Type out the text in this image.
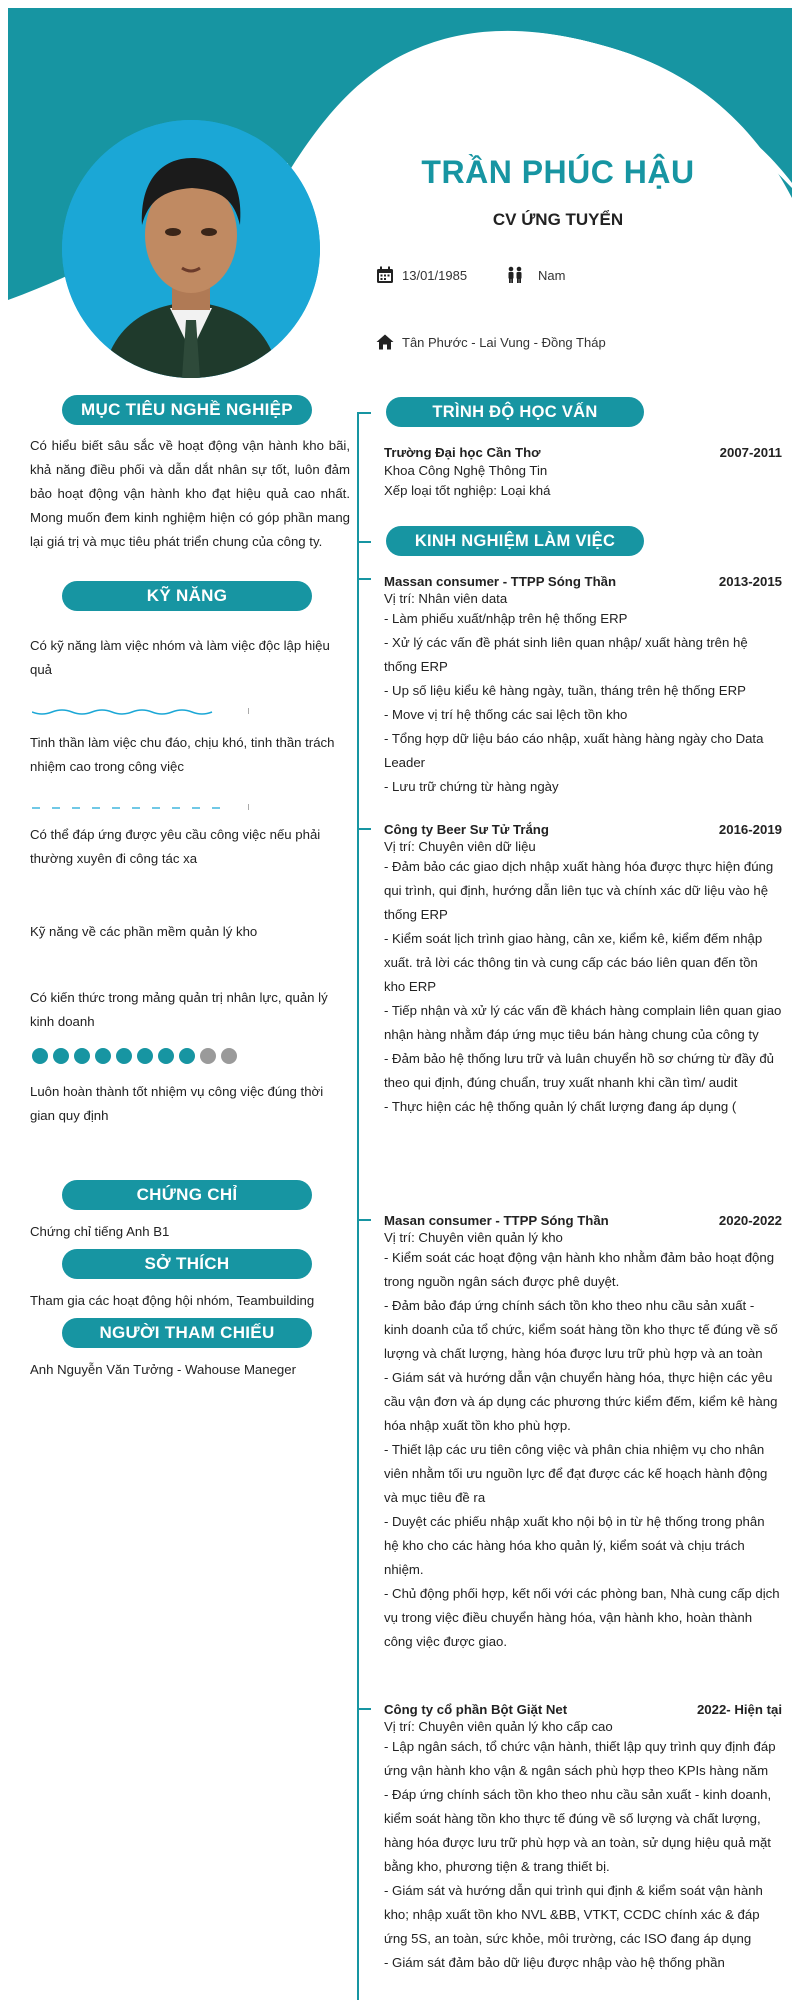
TRẦN PHÚC HẬU
CV ỨNG TUYỂN
13/01/1985	Nam
Tân Phước - Lai Vung - Đồng Tháp
MỤC TIÊU NGHỀ NGHIỆP
Có hiểu biết sâu sắc về hoạt động vận hành kho bãi, khả năng điều phối và dẫn dắt nhân sự tốt, luôn đảm bảo hoạt động vận hành kho đạt hiệu quả cao nhất. Mong muốn đem kinh nghiệm hiện có góp phần mang lại giá trị và mục tiêu phát triển chung của công ty.
KỸ NĂNG
Có kỹ năng làm việc nhóm và làm việc độc lập hiệu quả
Tinh thần làm việc chu đáo, chịu khó, tinh thần trách nhiệm cao trong công việc
Có thể đáp ứng được yêu cầu công việc nếu phải thường xuyên đi công tác xa
Kỹ năng về các phần mềm quản lý kho
Có kiến thức trong mảng quản trị nhân lực, quản lý kinh doanh
Luôn hoàn thành tốt nhiệm vụ công việc đúng thời gian quy định
CHỨNG CHỈ
Chứng chỉ tiếng Anh B1
SỞ THÍCH
Tham gia các hoạt động hội nhóm, Teambuilding
NGƯỜI THAM CHIẾU
Anh Nguyễn Văn Tưởng - Wahouse Maneger
TRÌNH ĐỘ HỌC VẤN
Trường Đại học Cần Thơ	2007-2011
Khoa Công Nghệ Thông Tin
Xếp loại tốt nghiệp: Loại khá
KINH NGHIỆM LÀM VIỆC
Massan consumer - TTPP Sóng Thần	2013-2015
Vị trí: Nhân viên data
- Làm phiếu xuất/nhập trên hệ thống ERP
- Xử lý các vấn đề phát sinh liên quan nhập/ xuất hàng trên hệ thống ERP
- Up số liệu kiểu kê hàng ngày, tuần, tháng trên hệ thống ERP
- Move vị trí hệ thống các sai lệch tồn kho
- Tổng hợp dữ liệu báo cáo nhập, xuất hàng hàng ngày cho Data Leader
- Lưu trữ chứng từ hàng ngày
Công ty Beer Sư Tử Trắng	2016-2019
Vị trí: Chuyên viên dữ liệu
- Đảm bảo các giao dịch nhập xuất hàng hóa được thực hiện đúng qui trình, qui định, hướng dẫn liên tục và chính xác dữ liệu vào hệ thống ERP
- Kiểm soát lịch trình giao hàng, cân xe, kiểm kê, kiểm đếm nhập xuất. trả lời các thông tin và cung cấp các báo liên quan đến tồn kho ERP
- Tiếp nhận và xử lý các vấn đề khách hàng complain liên quan giao nhận hàng nhằm đáp ứng mục tiêu bán hàng chung của công ty
- Đảm bảo hệ thống lưu trữ và luân chuyển hồ sơ chứng từ đầy đủ theo qui định, đúng chuẩn, truy xuất nhanh khi cần tìm/ audit
- Thực hiện các hệ thống quản lý chất lượng đang áp dụng (
Masan consumer - TTPP Sóng Thần	2020-2022
Vị trí: Chuyên viên quản lý kho
- Kiểm soát các hoạt động vận hành kho nhằm đảm bảo hoạt động trong nguồn ngân sách được phê duyệt.
- Đảm bảo đáp ứng chính sách tồn kho theo nhu cầu sản xuất - kinh doanh của tổ chức, kiểm soát hàng tồn kho thực tế đúng về số lượng và chất lượng, hàng hóa được lưu trữ phù hợp và an toàn
- Giám sát và hướng dẫn vận chuyển hàng hóa, thực hiện các yêu cầu vận đơn và áp dụng các phương thức kiểm đếm, kiểm kê hàng hóa nhập xuất tồn kho phù hợp.
- Thiết lập các ưu tiên công việc và phân chia nhiệm vụ cho nhân viên nhằm tối ưu nguồn lực để đạt được các kế hoạch hành động và mục tiêu đề ra
- Duyệt các phiếu nhập xuất kho nội bộ in từ hệ thống trong phân hệ kho cho các hàng hóa kho quản lý, kiểm soát và chịu trách nhiệm.
- Chủ động phối hợp, kết nối với các phòng ban, Nhà cung cấp dịch vụ trong việc điều chuyển hàng hóa, vận hành kho, hoàn thành công việc được giao.
Công ty cổ phần Bột Giặt Net	2022- Hiện tại
Vị trí: Chuyên viên quản lý kho cấp cao
- Lập ngân sách, tổ chức vận hành, thiết lập quy trình quy định đáp ứng vận hành kho vận & ngân sách phù hợp theo KPIs hàng năm
- Đáp ứng chính sách tồn kho theo nhu cầu sản xuất - kinh doanh, kiểm soát hàng tồn kho thực tế đúng về số lượng và chất lượng, hàng hóa được lưu trữ phù hợp và an toàn, sử dụng hiệu quả mặt bằng kho, phương tiện & trang thiết bị.
- Giám sát và hướng dẫn qui trình qui định & kiểm soát vận hành kho; nhập xuất tồn kho NVL &BB, VTKT, CCDC chính xác & đáp ứng 5S, an toàn, sức khỏe, môi trường, các ISO đang áp dụng
- Giám sát đảm bảo dữ liệu được nhập vào hệ thống phần
